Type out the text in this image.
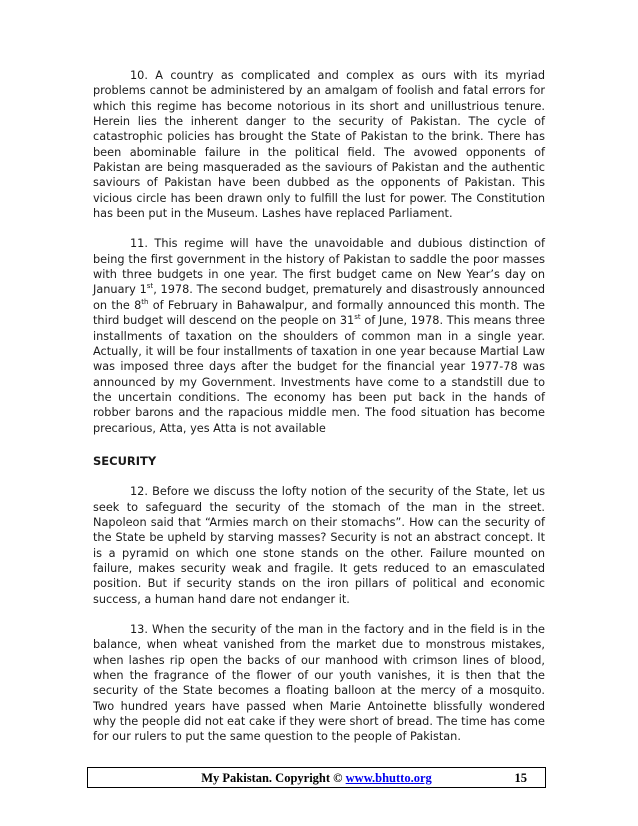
10. A country as complicated and complex as ours with its myriad problems cannot be administered by an amalgam of foolish and fatal errors for which this regime has become notorious in its short and unillustrious tenure. Herein lies the inherent danger to the security of Pakistan. The cycle of catastrophic policies has brought the State of Pakistan to the brink. There has been abominable failure in the political field. The avowed opponents of Pakistan are being masqueraded as the saviours of Pakistan and the authentic saviours of Pakistan have been dubbed as the opponents of Pakistan. This vicious circle has been drawn only to fulfill the lust for power. The Constitution has been put in the Museum. Lashes have replaced Parliament.

11. This regime will have the unavoidable and dubious distinction of being the first government in the history of Pakistan to saddle the poor masses with three budgets in one year. The first budget came on New Year’s day on January 1st, 1978. The second budget, prematurely and disastrously announced on the 8th of February in Bahawalpur, and formally announced this month. The third budget will descend on the people on 31st of June, 1978. This means three installments of taxation on the shoulders of common man in a single year. Actually, it will be four installments of taxation in one year because Martial Law was imposed three days after the budget for the financial year 1977-78 was announced by my Government. Investments have come to a standstill due to the uncertain conditions. The economy has been put back in the hands of robber barons and the rapacious middle men. The food situation has become precarious, Atta, yes Atta is not available

SECURITY

12. Before we discuss the lofty notion of the security of the State, let us seek to safeguard the security of the stomach of the man in the street. Napoleon said that “Armies march on their stomachs”. How can the security of the State be upheld by starving masses? Security is not an abstract concept. It is a pyramid on which one stone stands on the other. Failure mounted on failure, makes security weak and fragile. It gets reduced to an emasculated position. But if security stands on the iron pillars of political and economic success, a human hand dare not endanger it.

13. When the security of the man in the factory and in the field is in the balance, when wheat vanished from the market due to monstrous mistakes, when lashes rip open the backs of our manhood with crimson lines of blood, when the fragrance of the flower of our youth vanishes, it is then that the security of the State becomes a floating balloon at the mercy of a mosquito. Two hundred years have passed when Marie Antoinette blissfully wondered why the people did not eat cake if they were short of bread. The time has come for our rulers to put the same question to the people of Pakistan.

My Pakistan. Copyright © www.bhutto.org	15
